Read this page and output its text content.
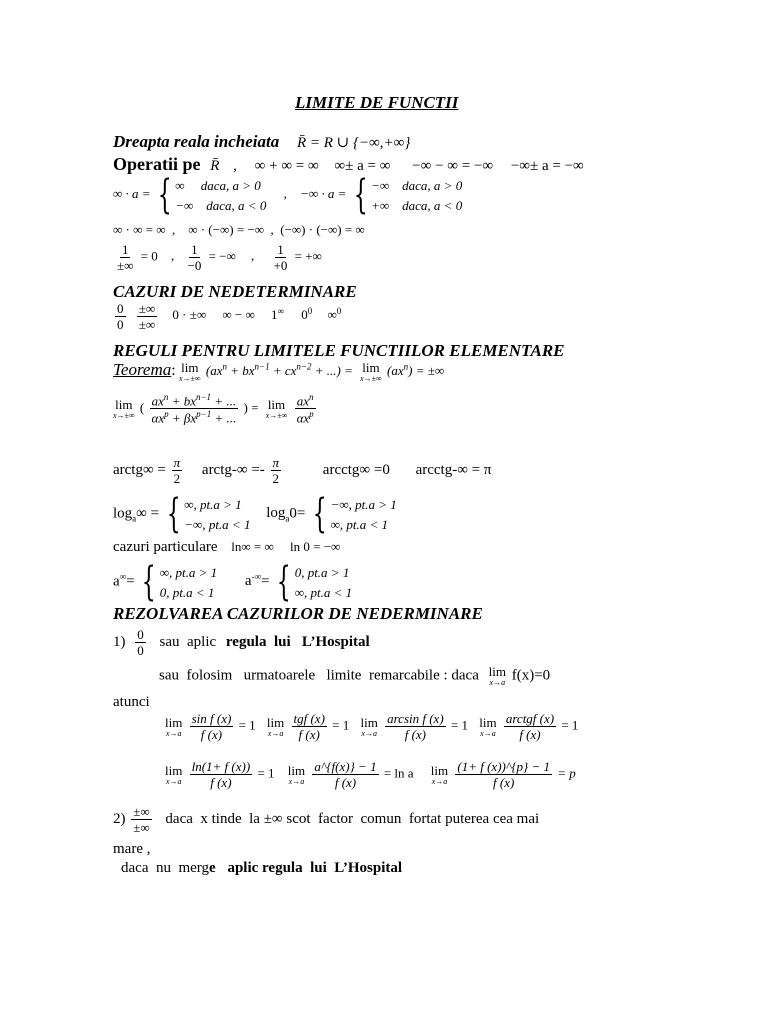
LIMITE DE FUNCTII
Dreapta reala incheiata R̄ = R ∪ {−∞,+∞}
Operatii pe R̄ , ∞ + ∞ = ∞ ∞± a = ∞ −∞ − ∞ = −∞ −∞± a = −∞
∞ · a = { ∞     daca, a > 0
−∞    daca, a < 0
, −∞ · a = { −∞    daca, a > 0
+∞    daca, a < 0
∞ · ∞ = ∞  ,    ∞ · (−∞) = −∞  ,  (−∞) · (−∞) = ∞
1
±∞
= 0 , $\frac{1}{-0}$ = −∞ , $\frac{1}{+0}$ = +∞
CAZURI DE NEDETERMINARE
$\frac{0}{0}$
±∞
±∞
0 · ±∞     ∞ − ∞     1∞ $0^0$ ∞$^0$
REGULI PENTRU LIMITELE FUNCTIILOR ELEMENTARE
Teorema: lim
x→±∞
($ax^n + bx^{n-1} + cx^{n-2}$ + ...) = lim
x→±∞
$(ax^n)$ = ±∞
lim
x→±∞
( $ax^n + bx^{n-1}$ + ...
$\alpha x^p + \beta x^{p-1}$ + ...
) = lim
x→±∞

$ax^n$
$\alpha x^p$
arctg∞ = $\frac{\pi}{2}$ arctg-∞ =- $\frac{\pi}{2}$	arcctg∞ =0 arcctg-∞ = π
$\log_a\infty$ = { ∞, pt.a > 1
−∞, pt.a < 1
$\log_a0=$ { −∞, pt.a > 1
∞, pt.a < 1
cazuri particulare ln∞ = ∞     ln 0 = −∞
a∞= { ∞, pt.a > 1
0, pt.a < 1
a-∞= { 0, pt.a > 1
∞, pt.a < 1
REZOLVAREA CAZURILOR DE NEDERMINARE
$1) \frac{0}{0}$ sau  aplic regula  lui   L’Hospital
sau  folosim   urmatoarele   limite  remarcabile : daca lim
x→a f(x)=0
atunci
lim
x→a
$\frac{\text{sin f (x)}}{f (x)} = 1$ lim
x→a

tgf (x)
f (x)
= 1 lim
x→a
$\frac{\text{arcsin f (x)}}{f (x)} = 1$ lim
x→a

arctgf (x)
f (x)
= 1
lim
x→a
$\frac{\ln(1+ f (x))}{f (x)} = 1$ lim
x→a
$\frac{a\^{}\{f(x)\} - 1}{f (x)} = \ln a$ lim
x→a
$\frac{(1+ f (x))\^{}\{p\} - 1}{f (x)} = p$
2) ±∞
±∞
daca  x tinde  la ±∞ scot  factor  comun  fortat puterea cea mai
mare ,
daca  nu  merge aplic regula  lui  L’Hospital
